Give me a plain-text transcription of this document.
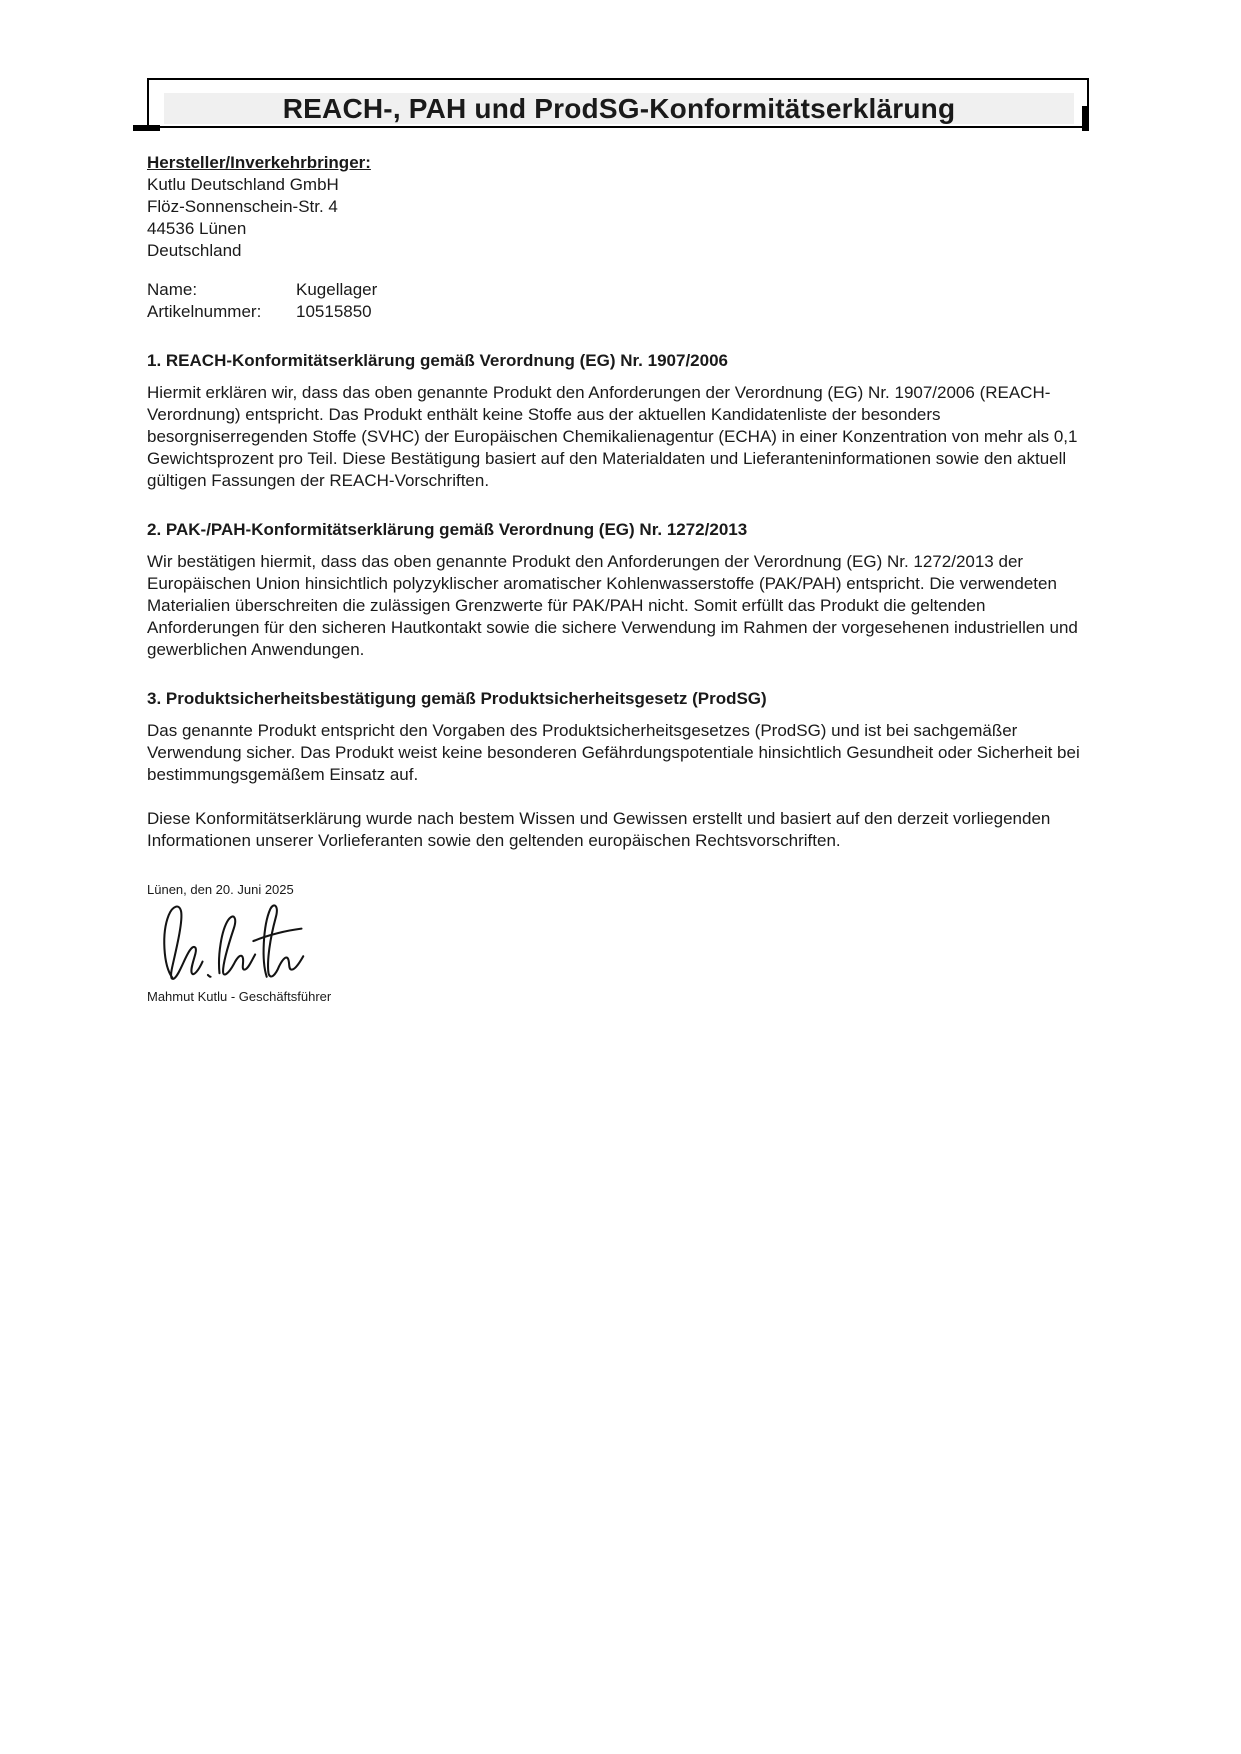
REACH-, PAH und ProdSG-Konformitätserklärung

Hersteller/Inverkehrbringer:

Kutlu Deutschland GmbH

Flöz-Sonnenschein-Str. 4

44536 Lünen

Deutschland

Name:	Kugellager
Artikelnummer:	10515850
1. REACH-Konformitätserklärung gemäß Verordnung (EG) Nr. 1907/2006

Hiermit erklären wir, dass das oben genannte Produkt den Anforderungen der Verordnung (EG) Nr. 1907/2006 (REACH-Verordnung) entspricht. Das Produkt enthält keine Stoffe aus der aktuellen Kandidatenliste der besonders besorgniserregenden Stoffe (SVHC) der Europäischen Chemikalienagentur (ECHA) in einer Konzentration von mehr als 0,1 Gewichtsprozent pro Teil. Diese Bestätigung basiert auf den Materialdaten und Lieferanteninformationen sowie den aktuell gültigen Fassungen der REACH-Vorschriften.

2. PAK-/PAH-Konformitätserklärung gemäß Verordnung (EG) Nr. 1272/2013

Wir bestätigen hiermit, dass das oben genannte Produkt den Anforderungen der Verordnung (EG) Nr. 1272/2013 der Europäischen Union hinsichtlich polyzyklischer aromatischer Kohlenwasserstoffe (PAK/PAH) entspricht. Die verwendeten Materialien überschreiten die zulässigen Grenzwerte für PAK/PAH nicht. Somit erfüllt das Produkt die geltenden Anforderungen für den sicheren Hautkontakt sowie die sichere Verwendung im Rahmen der vorgesehenen industriellen und gewerblichen Anwendungen.

3. Produktsicherheitsbestätigung gemäß Produktsicherheitsgesetz (ProdSG)

Das genannte Produkt entspricht den Vorgaben des Produktsicherheitsgesetzes (ProdSG) und ist bei sachgemäßer Verwendung sicher. Das Produkt weist keine besonderen Gefährdungspotentiale hinsichtlich Gesundheit oder Sicherheit bei bestimmungsgemäßem Einsatz auf.

Diese Konformitätserklärung wurde nach bestem Wissen und Gewissen erstellt und basiert auf den derzeit vorliegenden Informationen unserer Vorlieferanten sowie den geltenden europäischen Rechtsvorschriften.

Lünen, den 20. Juni 2025

Mahmut Kutlu - Geschäftsführer
